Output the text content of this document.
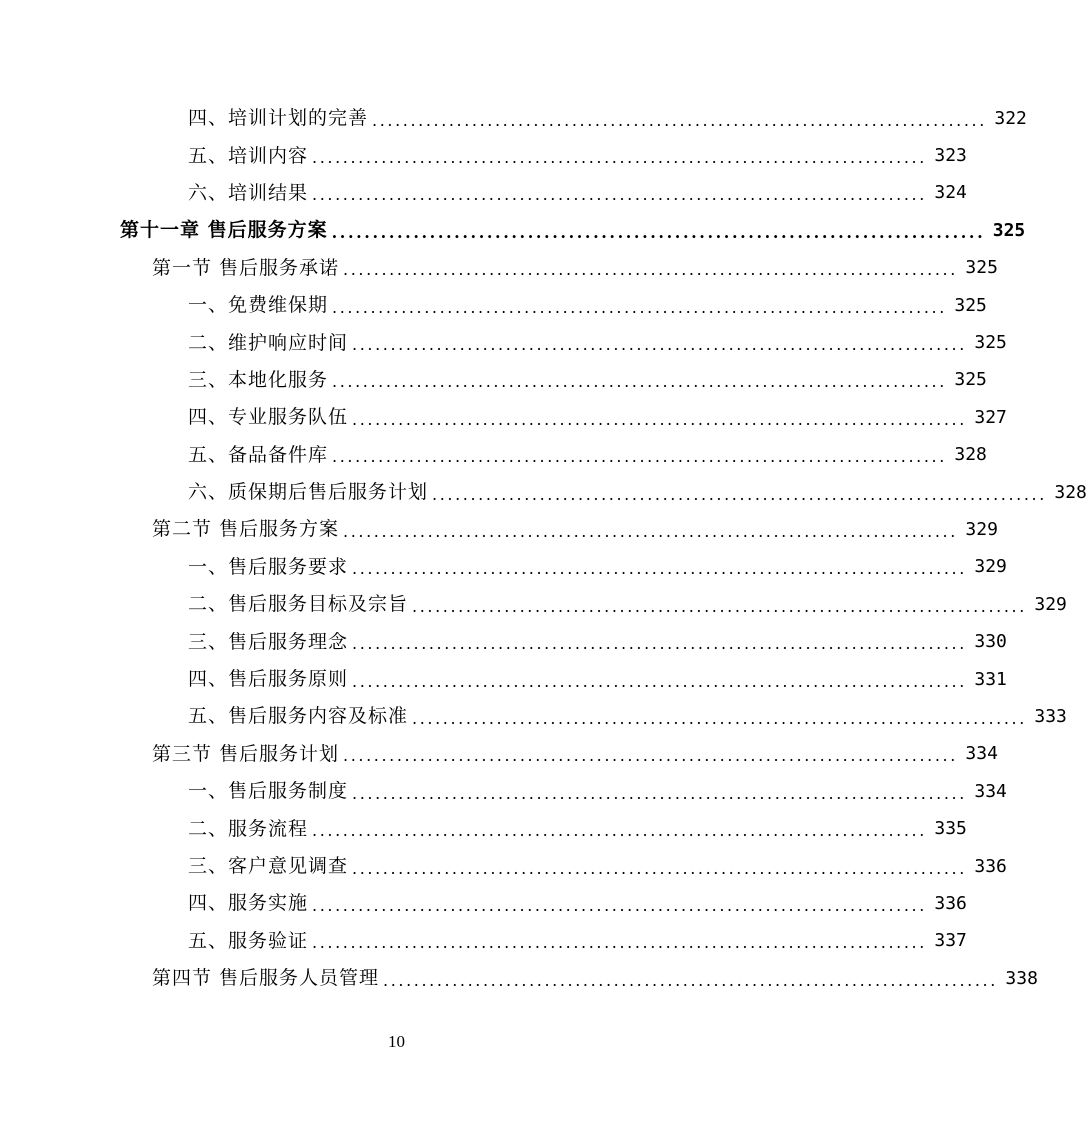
四、培训计划的完善 ................................................................................ 322
五、培训内容 ................................................................................ 323
六、培训结果 ................................................................................ 324
第十一章 售后服务方案 ................................................................................ 325
第一节 售后服务承诺 ................................................................................ 325
一、免费维保期 ................................................................................ 325
二、维护响应时间 ................................................................................ 325
三、本地化服务 ................................................................................ 325
四、专业服务队伍 ................................................................................ 327
五、备品备件库 ................................................................................ 328
六、质保期后售后服务计划 ................................................................................ 328
第二节 售后服务方案 ................................................................................ 329
一、售后服务要求 ................................................................................ 329
二、售后服务目标及宗旨 ................................................................................ 329
三、售后服务理念 ................................................................................ 330
四、售后服务原则 ................................................................................ 331
五、售后服务内容及标准 ................................................................................ 333
第三节 售后服务计划 ................................................................................ 334
一、售后服务制度 ................................................................................ 334
二、服务流程 ................................................................................ 335
三、客户意见调查 ................................................................................ 336
四、服务实施 ................................................................................ 336
五、服务验证 ................................................................................ 337
第四节 售后服务人员管理 ................................................................................ 338
10
